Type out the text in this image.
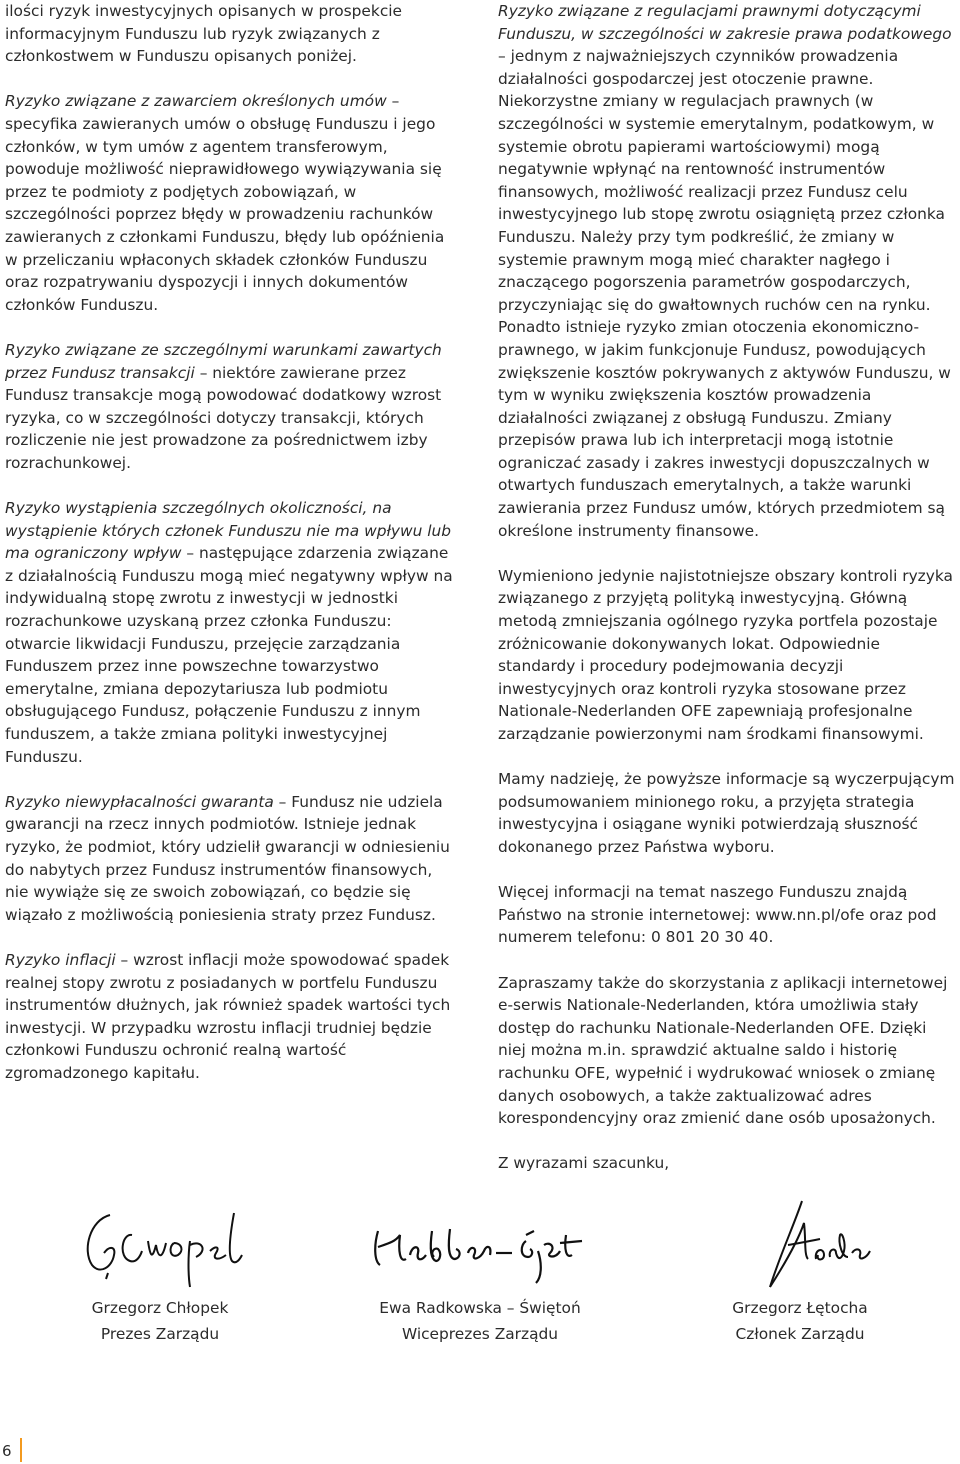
ilości ryzyk inwestycyjnych opisanych w prospekcie informacyjnym Funduszu lub ryzyk związanych z członkostwem w Funduszu opisanych poniżej.

Ryzyko związane z zawarciem określonych umów – specyfika zawieranych umów o obsługę Funduszu i jego członków, w tym umów z agentem transferowym, powoduje możliwość nieprawidłowego wywiązywania się przez te podmioty z podjętych zobowiązań, w szczególności poprzez błędy w prowadzeniu rachunków zawieranych z członkami Funduszu, błędy lub opóźnienia w przeliczaniu wpłaconych składek członków Funduszu oraz rozpatrywaniu dyspozycji i innych dokumentów członków Funduszu.

Ryzyko związane ze szczególnymi warunkami zawartych przez Fundusz transakcji – niektóre zawierane przez Fundusz transakcje mogą powodować dodatkowy wzrost ryzyka, co w szczególności dotyczy transakcji, których rozliczenie nie jest prowadzone za pośrednictwem izby rozrachunkowej.

Ryzyko wystąpienia szczególnych okoliczności, na wystąpienie których członek Funduszu nie ma wpływu lub ma ograniczony wpływ – następujące zdarzenia związane z działalnością Funduszu mogą mieć negatywny wpływ na indywidualną stopę zwrotu z inwestycji w jednostki rozrachunkowe uzyskaną przez członka Funduszu: otwarcie likwidacji Funduszu, przejęcie zarządzania Funduszem przez inne powszechne towarzystwo emerytalne, zmiana depozytariusza lub podmiotu obsługującego Fundusz, połączenie Funduszu z innym funduszem, a także zmiana polityki inwestycyjnej Funduszu.

Ryzyko niewypłacalności gwaranta – Fundusz nie udziela gwarancji na rzecz innych podmiotów. Istnieje jednak ryzyko, że podmiot, który udzielił gwarancji w odniesieniu do nabytych przez Fundusz instrumentów finansowych, nie wywiąże się ze swoich zobowiązań, co będzie się wiązało z możliwością poniesienia straty przez Fundusz.

Ryzyko inflacji – wzrost inflacji może spowodować spadek realnej stopy zwrotu z posiadanych w portfelu Funduszu instrumentów dłużnych, jak również spadek wartości tych inwestycji. W przypadku wzrostu inflacji trudniej będzie członkowi Funduszu ochronić realną wartość zgromadzonego kapitału.

Ryzyko związane z regulacjami prawnymi dotyczącymi Funduszu, w szczególności w zakresie prawa podatkowego – jednym z najważniejszych czynników prowadzenia działalności gospodarczej jest otoczenie prawne. Niekorzystne zmiany w regulacjach prawnych (w szczególności w systemie emerytalnym, podatkowym, w systemie obrotu papierami wartościowymi) mogą negatywnie wpłynąć na rentowność instrumentów finansowych, możliwość realizacji przez Fundusz celu inwestycyjnego lub stopę zwrotu osiągniętą przez członka Funduszu. Należy przy tym podkreślić, że zmiany w systemie prawnym mogą mieć charakter nagłego i znaczącego pogorszenia parametrów gospodarczych, przyczyniając się do gwałtownych ruchów cen na rynku. Ponadto istnieje ryzyko zmian otoczenia ekonomiczno-prawnego, w jakim funkcjonuje Fundusz, powodujących zwiększenie kosztów pokrywanych z aktywów Funduszu, w tym w wyniku zwiększenia kosztów prowadzenia działalności związanej z obsługą Funduszu. Zmiany przepisów prawa lub ich interpretacji mogą istotnie ograniczać zasady i zakres inwestycji dopuszczalnych w otwartych funduszach emerytalnych, a także warunki zawierania przez Fundusz umów, których przedmiotem są określone instrumenty finansowe.

Wymieniono jedynie najistotniejsze obszary kontroli ryzyka związanego z przyjętą polityką inwestycyjną. Główną metodą zmniejszania ogólnego ryzyka portfela pozostaje zróżnicowanie dokonywanych lokat. Odpowiednie standardy i procedury podejmowania decyzji inwestycyjnych oraz kontroli ryzyka stosowane przez Nationale-Nederlanden OFE zapewniają profesjonalne zarządzanie powierzonymi nam środkami finansowymi.

Mamy nadzieję, że powyższe informacje są wyczerpującym podsumowaniem minionego roku, a przyjęta strategia inwestycyjna i osiągane wyniki potwierdzają słuszność dokonanego przez Państwa wyboru.

Więcej informacji na temat naszego Funduszu znajdą Państwo na stronie internetowej: www.nn.pl/ofe oraz pod numerem telefonu: 0 801 20 30 40.

Zapraszamy także do skorzystania z aplikacji internetowej e-serwis Nationale-Nederlanden, która umożliwia stały dostęp do rachunku Nationale-Nederlanden OFE. Dzięki niej można m.in. sprawdzić aktualne saldo i historię rachunku OFE, wypełnić i wydrukować wniosek o zmianę danych osobowych, a także zaktualizować adres korespondencyjny oraz zmienić dane osób uposażonych.

Z wyrazami szacunku,

Grzegorz Chłopek
Prezes Zarządu
Ewa Radkowska – Świętoń
Wiceprezes Zarządu
Grzegorz Łętocha
Członek Zarządu
6
